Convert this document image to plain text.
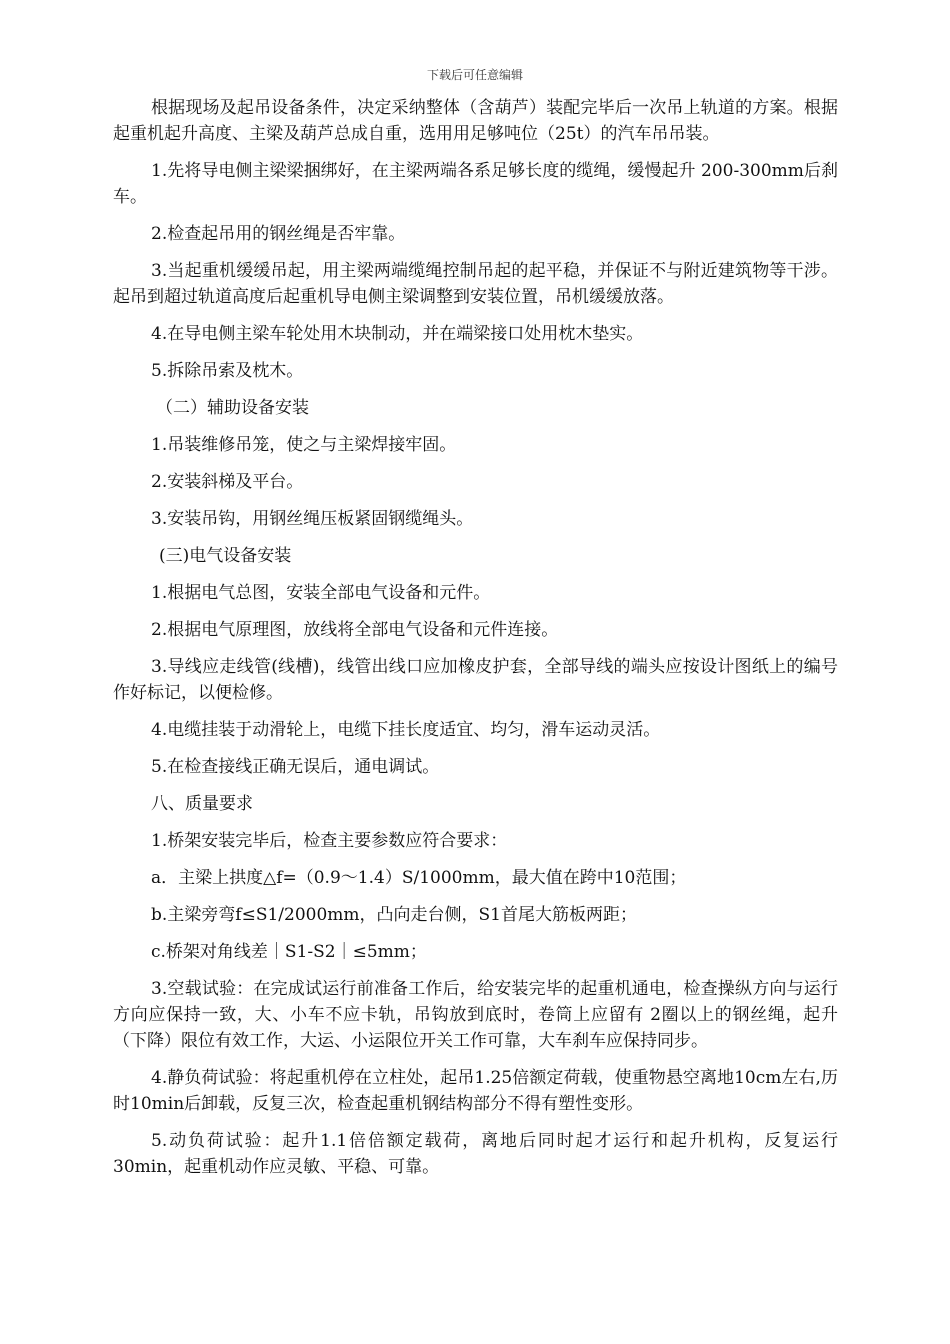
下载后可任意编辑

根据现场及起吊设备条件，决定采纳整体（含葫芦）装配完毕后一次吊上轨道的方案。根据起重机起升高度、主梁及葫芦总成自重，选用用足够吨位（25t）的汽车吊吊装。

1.先将导电侧主梁梁捆绑好，在主梁两端各系足够长度的缆绳，缓慢起升 200-300mm后刹车。

2.检查起吊用的钢丝绳是否牢靠。

3.当起重机缓缓吊起，用主梁两端缆绳控制吊起的起平稳，并保证不与附近建筑物等干涉。起吊到超过轨道高度后起重机导电侧主梁调整到安装位置，吊机缓缓放落。

4.在导电侧主梁车轮处用木块制动，并在端梁接口处用枕木垫实。

5.拆除吊索及枕木。

（二）辅助设备安装

1.吊装维修吊笼，使之与主梁焊接牢固。

2.安装斜梯及平台。

3.安装吊钩，用钢丝绳压板紧固钢缆绳头。

(三)电气设备安装

1.根据电气总图，安装全部电气设备和元件。

2.根据电气原理图，放线将全部电气设备和元件连接。

3.导线应走线管(线槽)，线管出线口应加橡皮护套，全部导线的端头应按设计图纸上的编号作好标记，以便检修。

4.电缆挂装于动滑轮上，电缆下挂长度适宜、均匀，滑车运动灵活。

5.在检查接线正确无误后，通电调试。

八、质量要求

1.桥架安装完毕后，检查主要参数应符合要求：

a．主梁上拱度△f=（0.9～1.4）S/1000mm，最大值在跨中10范围；

b.主梁旁弯f≤S1/2000mm，凸向走台侧，S1首尾大筋板两距；

c.桥架对角线差｜S1-S2｜≤5mm；

3.空载试验：在完成试运行前准备工作后，给安装完毕的起重机通电，检查操纵方向与运行方向应保持一致，大、小车不应卡轨，吊钩放到底时，卷筒上应留有 2圈以上的钢丝绳，起升（下降）限位有效工作，大运、小运限位开关工作可靠，大车刹车应保持同步。

4.静负荷试验：将起重机停在立柱处，起吊1.25倍额定荷载，使重物悬空离地10cm左右,历时10min后卸载，反复三次，检查起重机钢结构部分不得有塑性变形。

5.动负荷试验：起升1.1倍倍额定载荷，离地后同时起才运行和起升机构，反复运行30min，起重机动作应灵敏、平稳、可靠。
